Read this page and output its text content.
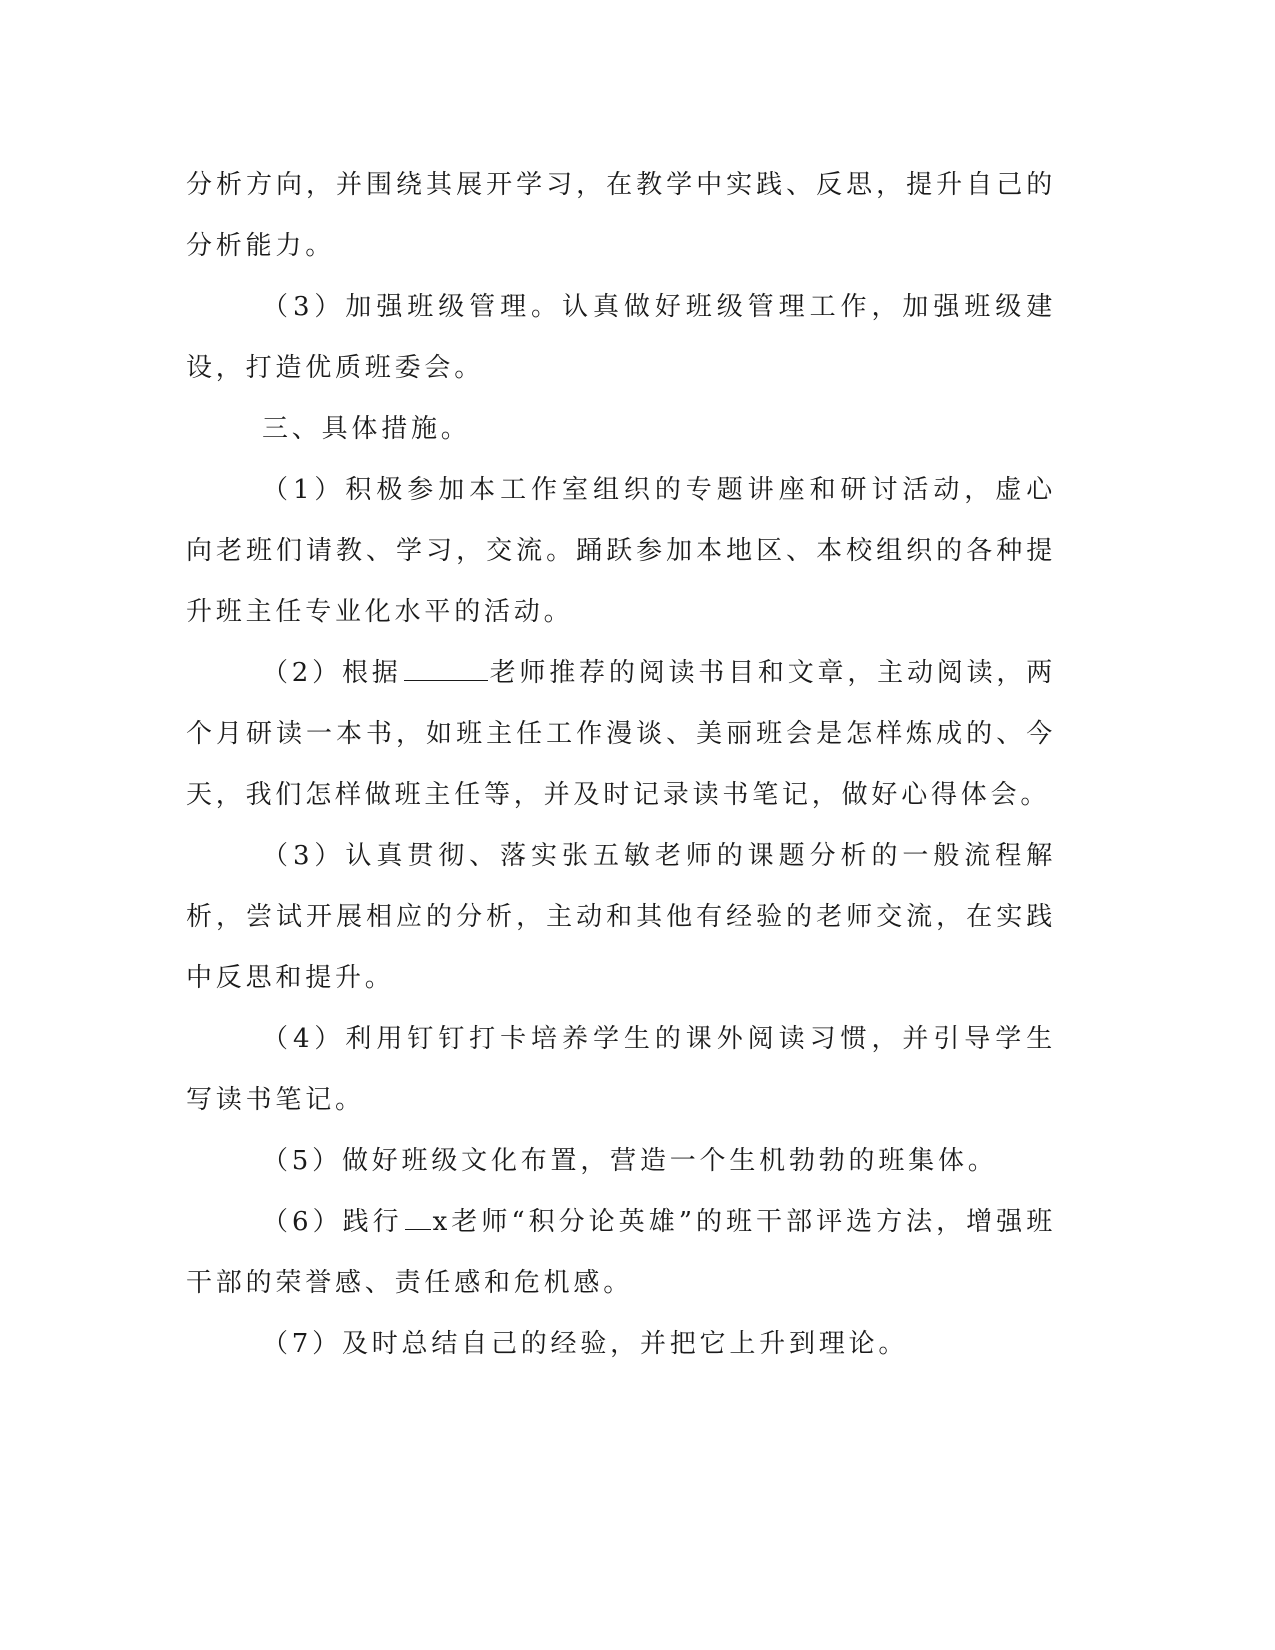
分析方向，并围绕其展开学习，在教学中实践、反思，提升自己的分析能力。

（3）加强班级管理。认真做好班级管理工作，加强班级建设，打造优质班委会。

三、具体措施。

（1）积极参加本工作室组织的专题讲座和研讨活动，虚心向老班们请教、学习，交流。踊跃参加本地区、本校组织的各种提升班主任专业化水平的活动。

（2）根据	老师推荐的阅读书目和文章，主动阅读，两个月研读一本书，如班主任工作漫谈、美丽班会是怎样炼成的、今天，我们怎样做班主任等，并及时记录读书笔记，做好心得体会。

（3）认真贯彻、落实张五敏老师的课题分析的一般流程解析，尝试开展相应的分析，主动和其他有经验的老师交流，在实践中反思和提升。

（4）利用钉钉打卡培养学生的课外阅读习惯，并引导学生写读书笔记。

（5）做好班级文化布置，营造一个生机勃勃的班集体。

（6）践行 x老师“积分论英雄”的班干部评选方法，增强班干部的荣誉感、责任感和危机感。

（7）及时总结自己的经验，并把它上升到理论。
